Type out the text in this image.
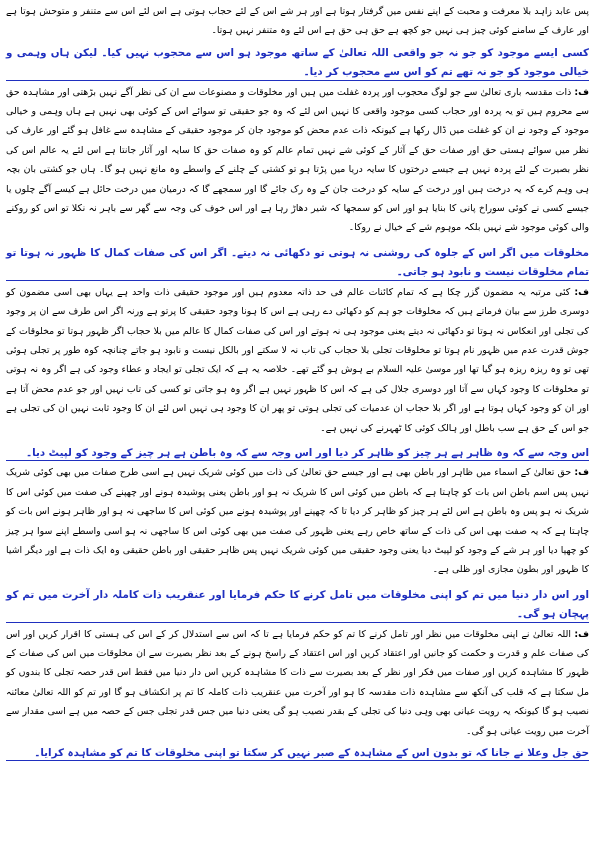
پس عابد زاہد بلا معرفت و محبت کے اپنے نفس میں گرفتار ہوتا ہے اور ہر شے اس کے لئے حجاب ہوتی ہے اس لئے اس سے متنفر و متوحش ہوتا ہے اور عارف کے سامنے کوئی چیز ہی نہیں جو کچھ ہے حق ہی حق ہے اس لئے وہ متنفر نہیں ہوتا۔

کسی ایسے موجود کو جو نہ جو واقعی اللہ تعالیٰ کے ساتھ موجود ہو اس سے محجوب نہیں کیا۔ لیکن ہاں وہمی و خیالی موجود کو جو نہ تھے تم کو اس سے محجوب کر دیا۔

ف: ذات مقدسہ باری تعالیٰ سے جو لوگ محجوب اور پردہ غفلت میں ہیں اور مخلوقات و مصنوعات سے ان کی نظر آگے نہیں بڑھتی اور مشاہدہ حق سے محروم ہیں تو یہ پردہ اور حجاب کسی موجود واقعی کا نہیں اس لئے کہ وہ جو حقیقی تو سوائے اس کے کوئی بھی نہیں ہے ہاں وہمی و خیالی موجود کے وجود نے ان کو غفلت میں ڈال رکھا ہے کیونکہ ذات عدم محض کو موجود جان کر موجود حقیقی کے مشاہدہ سے غافل ہو گئے اور عارف کی نظر میں سوائے ہستی حق اور صفات حق کے آثار کے کوئی شے نہیں تمام عالم کو وہ صفات حق کا سایہ اور آثار جانتا ہے اس لئے یہ عالم اس کی نظر بصیرت کے لئے پردہ نہیں ہے جیسے درختوں کا سایہ دریا میں پڑتا ہو تو کشتی کے چلنے کے واسطے وہ مانع نہیں ہو گا۔ ہاں جو کشتی بان بچہ ہی وہم کرے کہ یہ درخت ہیں اور درخت کے سایہ کو درخت جان کے وہ رک جائے گا اور سمجھے گا کہ درمیان میں درخت حائل ہے کیسے آگے چلوں یا جیسے کسی نے کوئی سوراخ پانی کا بنایا ہو اور اس کو سمجھا کہ شیر دھاڑ رہا ہے اور اس خوف کی وجہ سے گھر سے باہر نہ نکلا تو اس کو روکنے والی کوئی موجود شے نہیں بلکہ موہوم شے کے خیال نے روکا۔

مخلوقات میں اگر اس کے جلوہ کی روشنی نہ ہوتی تو دکھائی نہ دیتے۔ اگر اس کی صفات کمال کا ظہور نہ ہوتا تو تمام مخلوقات نیست و نابود ہو جاتی۔

ف: کئی مرتبہ یہ مضمون گزر چکا ہے کہ تمام کائنات عالم فی حد ذاتہ معدوم ہیں اور موجود حقیقی ذات واحد ہے یہاں بھی اسی مضمون کو دوسری طرز سے بیان فرماتے ہیں کہ مخلوقات جو ہم کو دکھائی دے رہی ہے اس کا ہونا وجود حقیقی کا پرتو ہے ورنہ اگر اس طرف سے ان پر وجود کی تجلی اور انعکاس نہ ہوتا تو دکھائی نہ دیتے یعنی موجود ہی نہ ہوتے اور اس کی صفات کمال کا عالم میں بلا حجاب اگر ظہور ہوتا تو مخلوقات کے جوش قدرت عدم میں ظہور نام ہوتا تو مخلوقات تجلی بلا حجاب کی تاب نہ لا سکتے اور بالکل نیست و نابود ہو جاتے چنانچہ کوہ طور پر تجلی ہوئی تھی تو وہ ریزہ ریزہ ہو گیا تھا اور موسیٰ علیہ السلام بے ہوش ہو گئے تھے۔ خلاصہ یہ ہے کہ ایک تجلی تو ایجاد و عطاء وجود کی ہے اگر وہ نہ ہوتی تو مخلوقات کا وجود کہاں سے آتا اور دوسری جلال کی ہے کہ اس کا ظہور نہیں ہے اگر وہ ہو جاتی تو کسی کی تاب نہیں اور جو عدم محض آتا ہے اور ان کو وجود کہاں ہوتا ہے اور اگر بلا حجاب ان عدمیات کی تجلی ہوتی تو پھر ان کا وجود ہی نہیں اس لئے ان کا وجود ثابت نہیں ان کی تجلی ہے جو اس کے حق ہے سب باطل اور ہالک کوئی کا ٹھہرنے کی نہیں ہے۔

اس وجہ سے کہ وہ ظاہر ہے ہر چیز کو ظاہر کر دیا اور اس وجہ سے کہ وہ باطن ہے ہر چیز کے وجود کو لپیٹ دیا۔

ف: حق تعالیٰ کے اسماء میں ظاہر اور باطن بھی ہے اور جیسے حق تعالیٰ کی ذات میں کوئی شریک نہیں ہے اسی طرح صفات میں بھی کوئی شریک نہیں پس اسم باطن اس بات کو چاہتا ہے کہ باطن میں کوئی اس کا شریک نہ ہو اور باطن یعنی پوشیدہ ہونے اور چھپنے کی صفت میں کوئی اس کا شریک نہ ہو پس وہ باطن ہے اس لئے ہر چیز کو ظاہر کر دیا تا کہ چھپنے اور پوشیدہ ہونے میں کوئی اس کا ساجھی نہ ہو اور ظاہر ہونے اس بات کو چاہتا ہے کہ یہ صفت بھی اس کی ذات کے ساتھ خاص رہے یعنی ظہور کی صفت میں بھی کوئی اس کا ساجھی نہ ہو اسی واسطے اپنے سوا ہر چیز کو چھپا دیا اور ہر شے کے وجود کو لپیٹ دیا یعنی وجود حقیقی میں کوئی شریک نہیں پس ظاہر حقیقی اور باطن حقیقی وہ ایک ذات ہے اور دیگر اشیا کا ظہور اور بطون مجازی اور ظلی ہے۔

اور اس دار دنیا میں تم کو اپنی مخلوقات میں تامل کرنے کا حکم فرمایا اور عنقریب ذات کاملہ دار آخرت میں تم کو پہچان ہو گی۔

ف: اللہ تعالیٰ نے اپنی مخلوقات میں نظر اور تامل کرنے کا تم کو حکم فرمایا ہے تا کہ اس سے استدلال کر کے اس کی ہستی کا اقرار کریں اور اس کی صفات علم و قدرت و حکمت کو جانیں اور اعتقاد کریں اور اس اعتقاد کے راسخ ہونے کے بعد نظر بصیرت سے ان مخلوقات میں اس کی صفات کے ظہور کا مشاہدہ کریں اور صفات میں فکر اور نظر کے بعد بصیرت سے ذات کا مشاہدہ کریں اس دار دنیا میں فقط اس قدر حصہ تجلی کا بندوں کو مل سکتا ہے کہ قلب کی آنکھ سے مشاہدہ ذات مقدسہ کا ہو اور آخرت میں عنقریب ذات کاملہ کا تم پر انکشاف ہو گا اور تم کو اللہ تعالیٰ معائنہ نصیب ہو گا کیونکہ یہ رویت عیانی بھی وہی دنیا کی تجلی کے بقدر نصیب ہو گی یعنی دنیا میں جس قدر تجلی جس کے حصہ میں ہے اسی مقدار سے آخرت میں رویت عیانی ہو گی۔

حق جل وعلا نے جانا کہ تو بدون اس کے مشاہدہ کے صبر نہیں کر سکتا تو اپنی مخلوقات کا تم کو مشاہدہ کرایا۔
